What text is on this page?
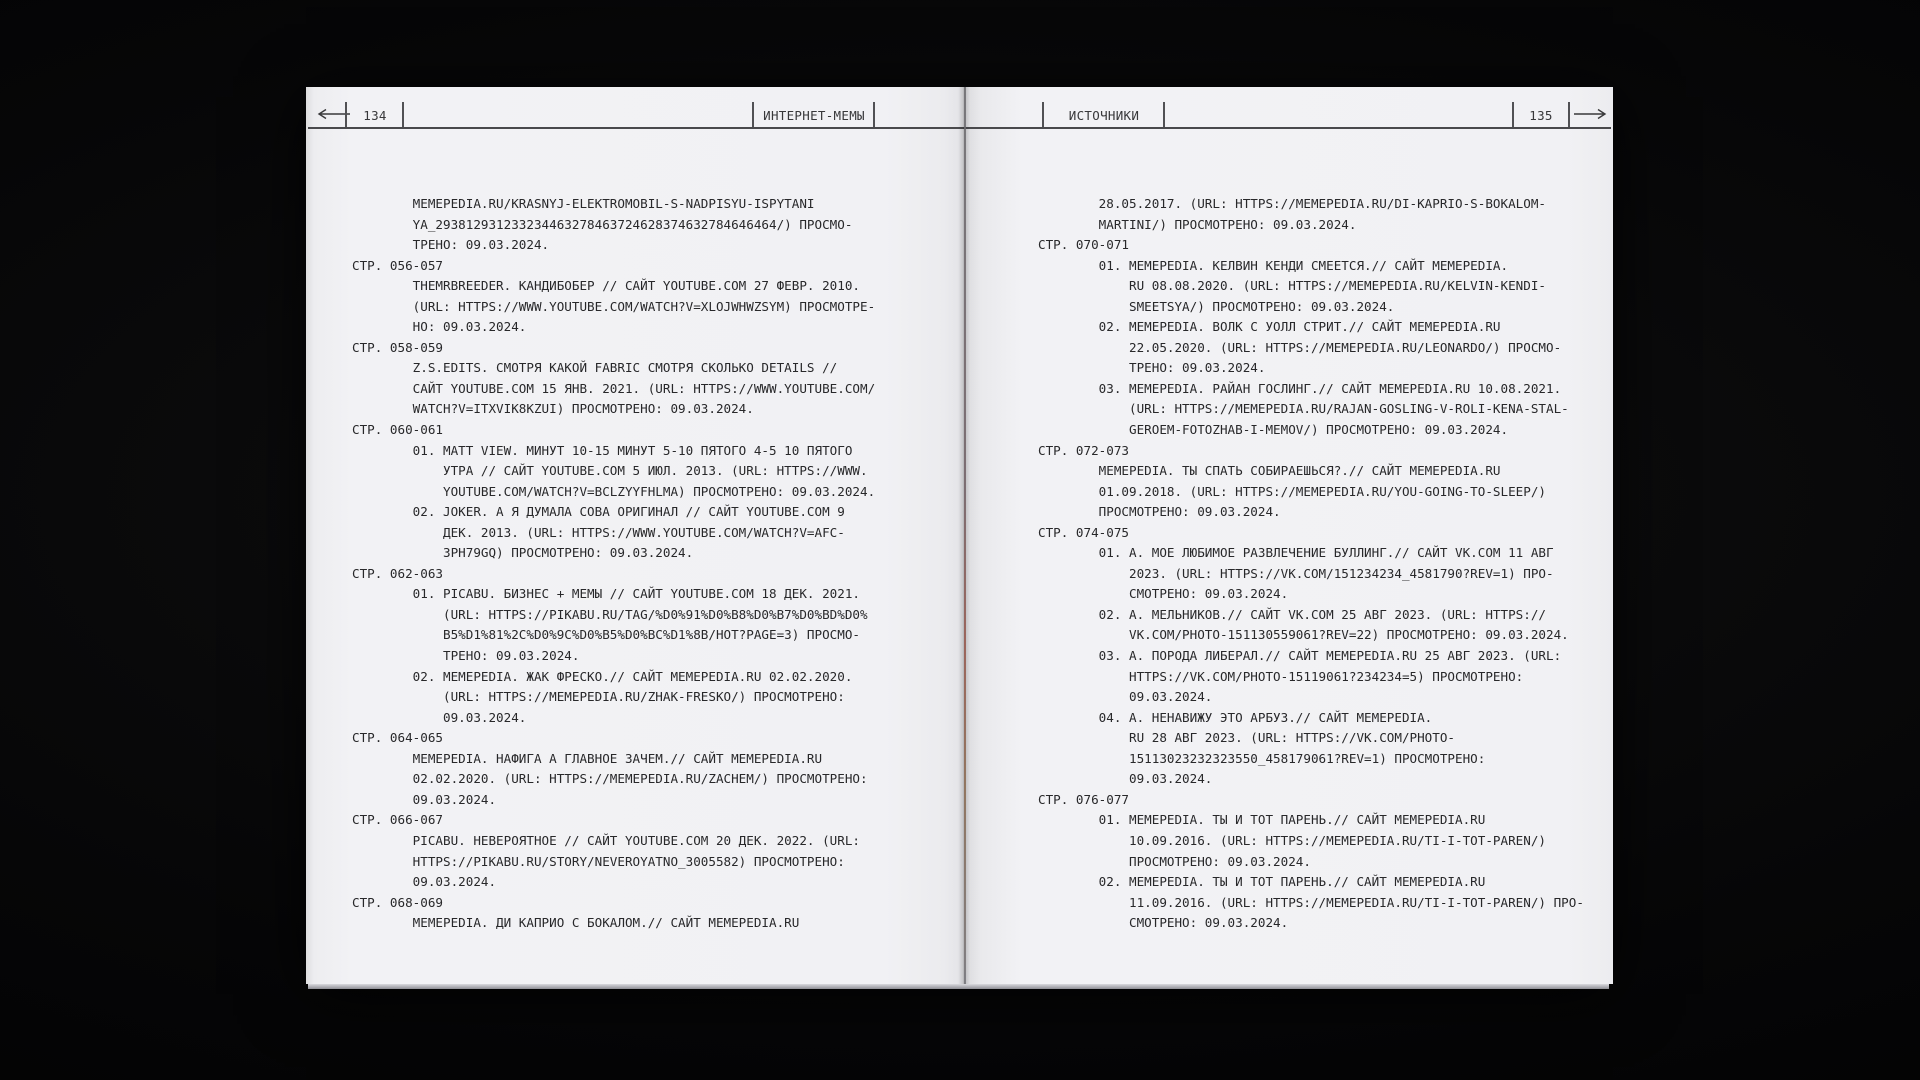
134	ИНТЕРНЕТ-МЕМЫ	ИСТОЧНИКИ	135
MEMEPEDIA.RU/KRASNYJ-ELEKTROMOBIL-S-NADPISYU-ISPYTANI
YA_293812931233234463278463724628374632784646464/) ПРОСМО-
ТРЕНО: 09.03.2024.
СТР. 056-057
THEMRBREEDER. КАНДИБОБЕР // САЙТ YOUTUBE.COM 27 ФЕВР. 2010.
(URL: HTTPS://WWW.YOUTUBE.COM/WATCH?V=XLOJWHWZSYM) ПРОСМОТРЕ-
НО: 09.03.2024.
СТР. 058-059
Z.S.EDITS. СМОТРЯ КАКОЙ FABRIC СМОТРЯ СКОЛЬКО DETAILS //
САЙТ YOUTUBE.COM 15 ЯНВ. 2021. (URL: HTTPS://WWW.YOUTUBE.COM/
WATCH?V=ITXVIK8KZUI) ПРОСМОТРЕНО: 09.03.2024.
СТР. 060-061
01. MATT VIEW. МИНУТ 10-15 МИНУТ 5-10 ПЯТОГО 4-5 10 ПЯТОГО
УТРА // САЙТ YOUTUBE.COM 5 ИЮЛ. 2013. (URL: HTTPS://WWW.
YOUTUBE.COM/WATCH?V=BCLZYYFHLMA) ПРОСМОТРЕНО: 09.03.2024.
02. JOKER. А Я ДУМАЛА СОВА ОРИГИНАЛ // САЙТ YOUTUBE.COM 9
ДЕК. 2013. (URL: HTTPS://WWW.YOUTUBE.COM/WATCH?V=AFC-
3PH79GQ) ПРОСМОТРЕНО: 09.03.2024.
СТР. 062-063
01. PICABU. БИЗНЕС + МЕМЫ // САЙТ YOUTUBE.COM 18 ДЕК. 2021.
(URL: HTTPS://PIKABU.RU/TAG/%D0%91%D0%B8%D0%B7%D0%BD%D0%
B5%D1%81%2C%D0%9C%D0%B5%D0%BC%D1%8B/HOT?PAGE=3) ПРОСМО-
ТРЕНО: 09.03.2024.
02. MEMEPEDIA. ЖАК ФРЕСКО.// САЙТ MEMEPEDIA.RU 02.02.2020.
(URL: HTTPS://MEMEPEDIA.RU/ZHAK-FRESKO/) ПРОСМОТРЕНО:
09.03.2024.
СТР. 064-065
MEMEPEDIA. НАФИГА А ГЛАВНОЕ ЗАЧЕМ.// САЙТ MEMEPEDIA.RU
02.02.2020. (URL: HTTPS://MEMEPEDIA.RU/ZACHEM/) ПРОСМОТРЕНО:
09.03.2024.
СТР. 066-067
PICABU. НЕВЕРОЯТНОЕ // САЙТ YOUTUBE.COM 20 ДЕК. 2022. (URL:
HTTPS://PIKABU.RU/STORY/NEVEROYATNO_3005582) ПРОСМОТРЕНО:
09.03.2024.
СТР. 068-069
MEMEPEDIA. ДИ КАПРИО С БОКАЛОМ.// САЙТ MEMEPEDIA.RU
28.05.2017. (URL: HTTPS://MEMEPEDIA.RU/DI-KAPRIO-S-BOKALOM-
MARTINI/) ПРОСМОТРЕНО: 09.03.2024.
СТР. 070-071
01. MEMEPEDIA. КЕЛВИН КЕНДИ СМЕЕТСЯ.// САЙТ MEMEPEDIA.
RU 08.08.2020. (URL: HTTPS://MEMEPEDIA.RU/KELVIN-KENDI-
SMEETSYA/) ПРОСМОТРЕНО: 09.03.2024.
02. MEMEPEDIA. ВОЛК С УОЛЛ СТРИТ.// САЙТ MEMEPEDIA.RU
22.05.2020. (URL: HTTPS://MEMEPEDIA.RU/LEONARDO/) ПРОСМО-
ТРЕНО: 09.03.2024.
03. MEMEPEDIA. РАЙАН ГОСЛИНГ.// САЙТ MEMEPEDIA.RU 10.08.2021.
(URL: HTTPS://MEMEPEDIA.RU/RAJAN-GOSLING-V-ROLI-KENA-STAL-
GEROEM-FOTOZHAB-I-MEMOV/) ПРОСМОТРЕНО: 09.03.2024.
СТР. 072-073
MEMEPEDIA. ТЫ СПАТЬ СОБИРАЕШЬСЯ?.// САЙТ MEMEPEDIA.RU
01.09.2018. (URL: HTTPS://MEMEPEDIA.RU/YOU-GOING-TO-SLEEP/)
ПРОСМОТРЕНО: 09.03.2024.
СТР. 074-075
01. А. МОЕ ЛЮБИМОЕ РАЗВЛЕЧЕНИЕ БУЛЛИНГ.// САЙТ VK.COM 11 АВГ
2023. (URL: HTTPS://VK.COM/151234234_4581790?REV=1) ПРО-
СМОТРЕНО: 09.03.2024.
02. А. МЕЛЬНИКОВ.// САЙТ VK.COM 25 АВГ 2023. (URL: HTTPS://
VK.COM/PHOTO-151130559061?REV=22) ПРОСМОТРЕНО: 09.03.2024.
03. А. ПОРОДА ЛИБЕРАЛ.// САЙТ MEMEPEDIA.RU 25 АВГ 2023. (URL:
HTTPS://VK.COM/PHOTO-15119061?234234=5) ПРОСМОТРЕНО:
09.03.2024.
04. А. НЕНАВИЖУ ЭТО АРБУЗ.// САЙТ MEMEPEDIA.
RU 28 АВГ 2023. (URL: HTTPS://VK.COM/PHOTO-
15113023232323550_458179061?REV=1) ПРОСМОТРЕНО:
09.03.2024.
СТР. 076-077
01. MEMEPEDIA. ТЫ И ТОТ ПАРЕНЬ.// САЙТ MEMEPEDIA.RU
10.09.2016. (URL: HTTPS://MEMEPEDIA.RU/TI-I-TOT-PAREN/)
ПРОСМОТРЕНО: 09.03.2024.
02. MEMEPEDIA. ТЫ И ТОТ ПАРЕНЬ.// САЙТ MEMEPEDIA.RU
11.09.2016. (URL: HTTPS://MEMEPEDIA.RU/TI-I-TOT-PAREN/) ПРО-
СМОТРЕНО: 09.03.2024.
